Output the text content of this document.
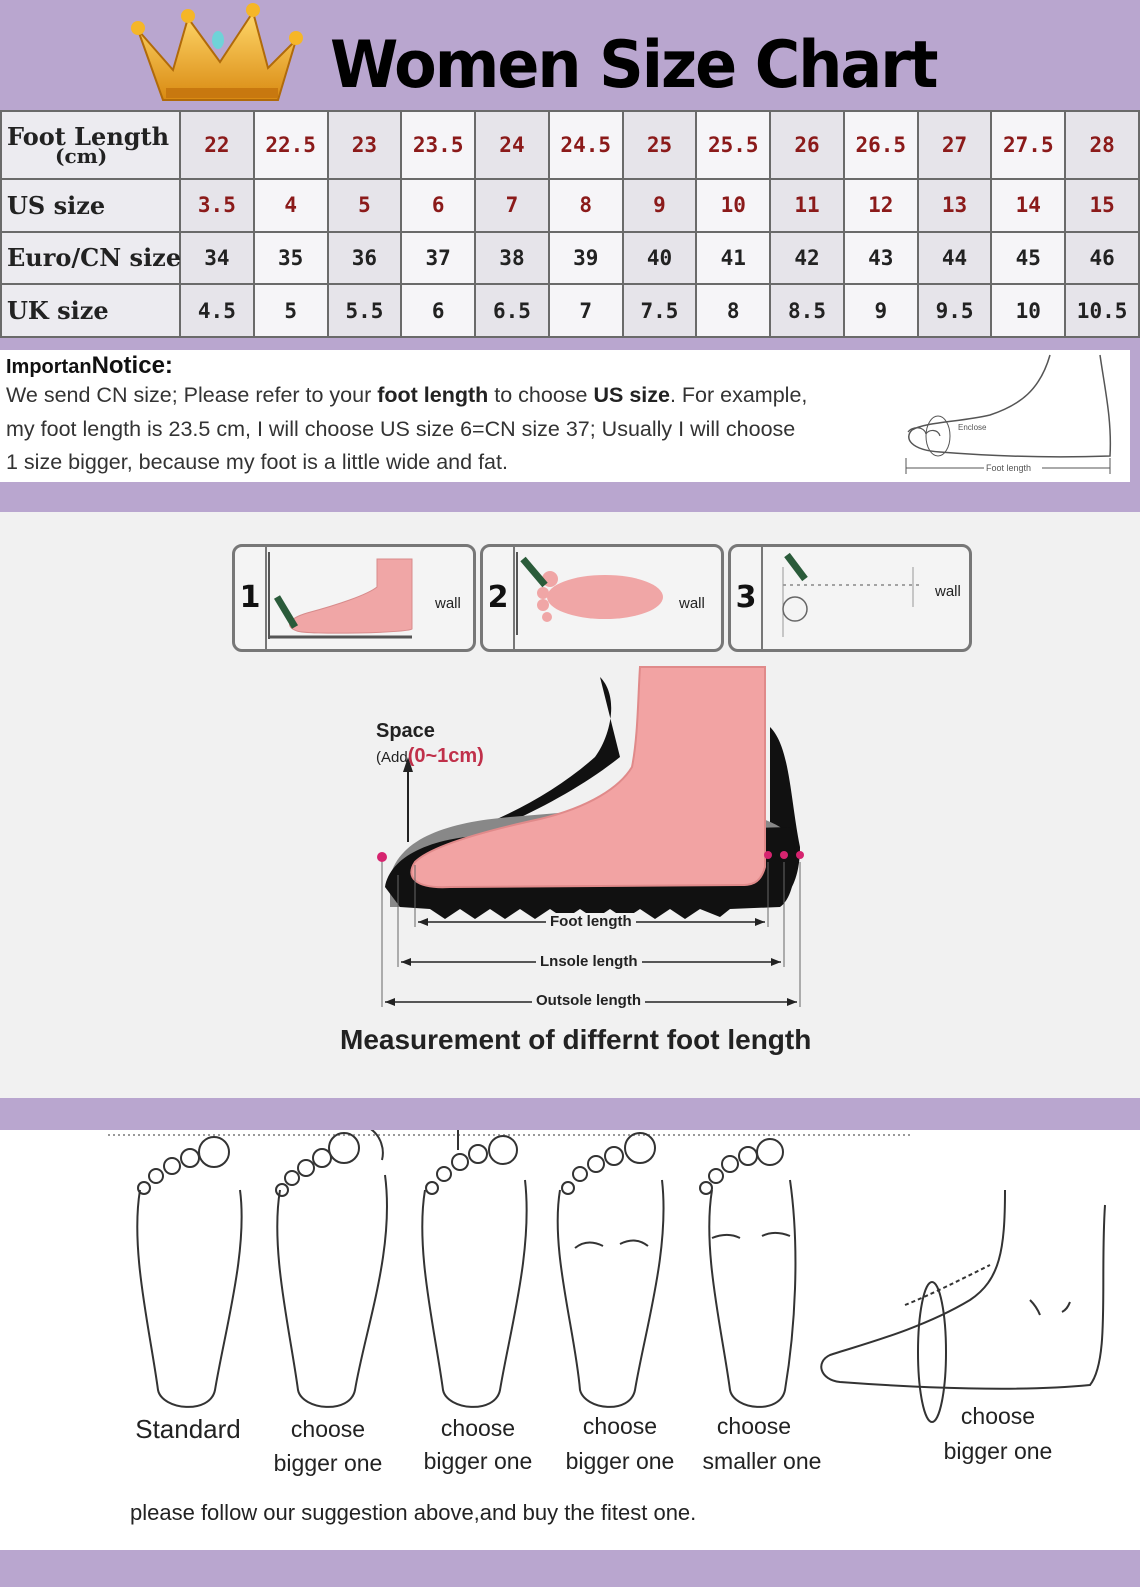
Women Size Chart
Foot Length
(cm)	22	22.5	23	23.5	24	24.5	25	25.5	26	26.5	27	27.5	28
US size	3.5	4	5	6	7	8	9	10	11	12	13	14	15
Euro/CN size	34	35	36	37	38	39	40	41	42	43	44	45	46
UK size	4.5	5	5.5	6	6.5	7	7.5	8	8.5	9	9.5	10	10.5
ImportanNotice:
We send CN size; Please refer to your foot length to choose US size. For example,
my foot length is 23.5 cm, I will choose US size 6=CN size 37; Usually I will choose
1 size bigger, because my foot is a little wide and fat.
Enclose
Foot length
1	wall 2	wall 3	wall
Space
(Add(0~1cm)
Foot length
Lnsole length
Outsole length
Measurement of differnt foot length
Standard	choose
bigger one
choose
bigger one
choose
bigger one
choose
smaller one
choose
bigger one
please follow our suggestion above,and buy the fitest one.
